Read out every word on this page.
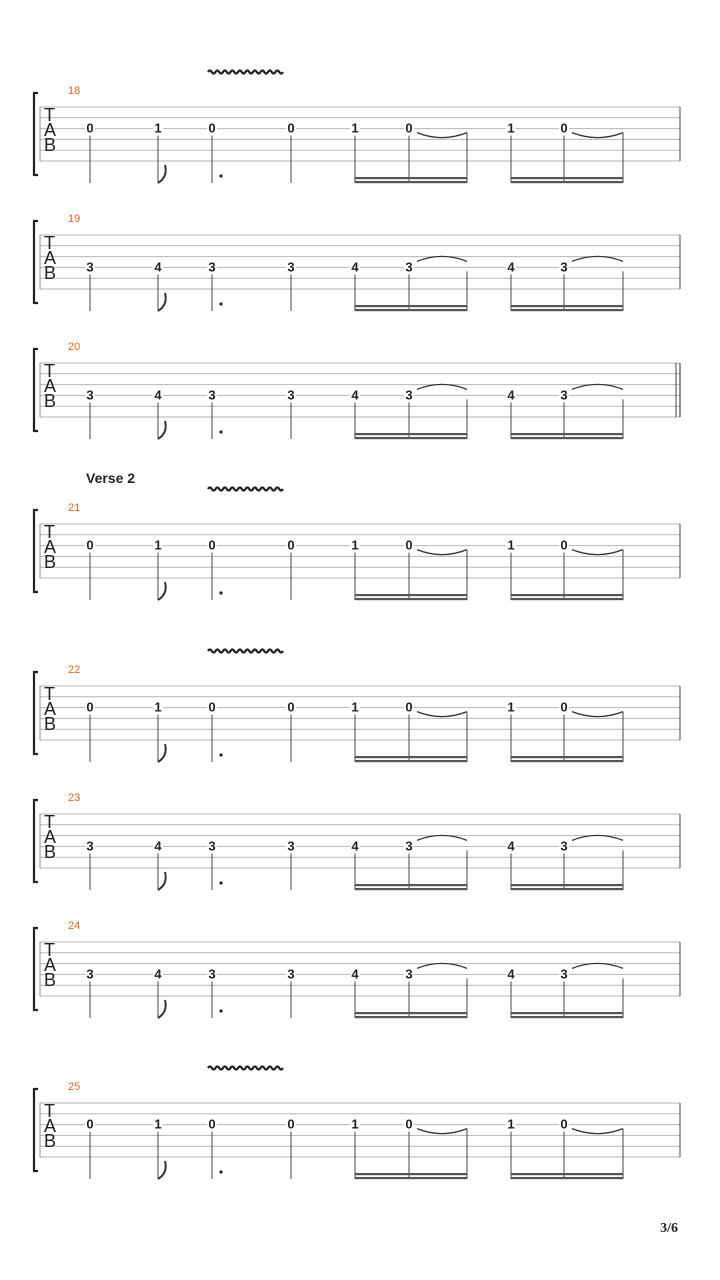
T
A
B
18
0	1	0	0	1	0	1	0
T
A
B
19
3	4	3	3	4	3	4	3
T
A
B
20
3	4	3	3	4	3	4	3
T
A
B
21
0	1	0	0	1	0	1	0
T
A
B
22
0	1	0	0	1	0	1	0
T
A
B
23
3	4	3	3	4	3	4	3
T
A
B
24
3	4	3	3	4	3	4	3
T
A
B
25
0	1	0	0	1	0	1	0
3/6
Verse 2
